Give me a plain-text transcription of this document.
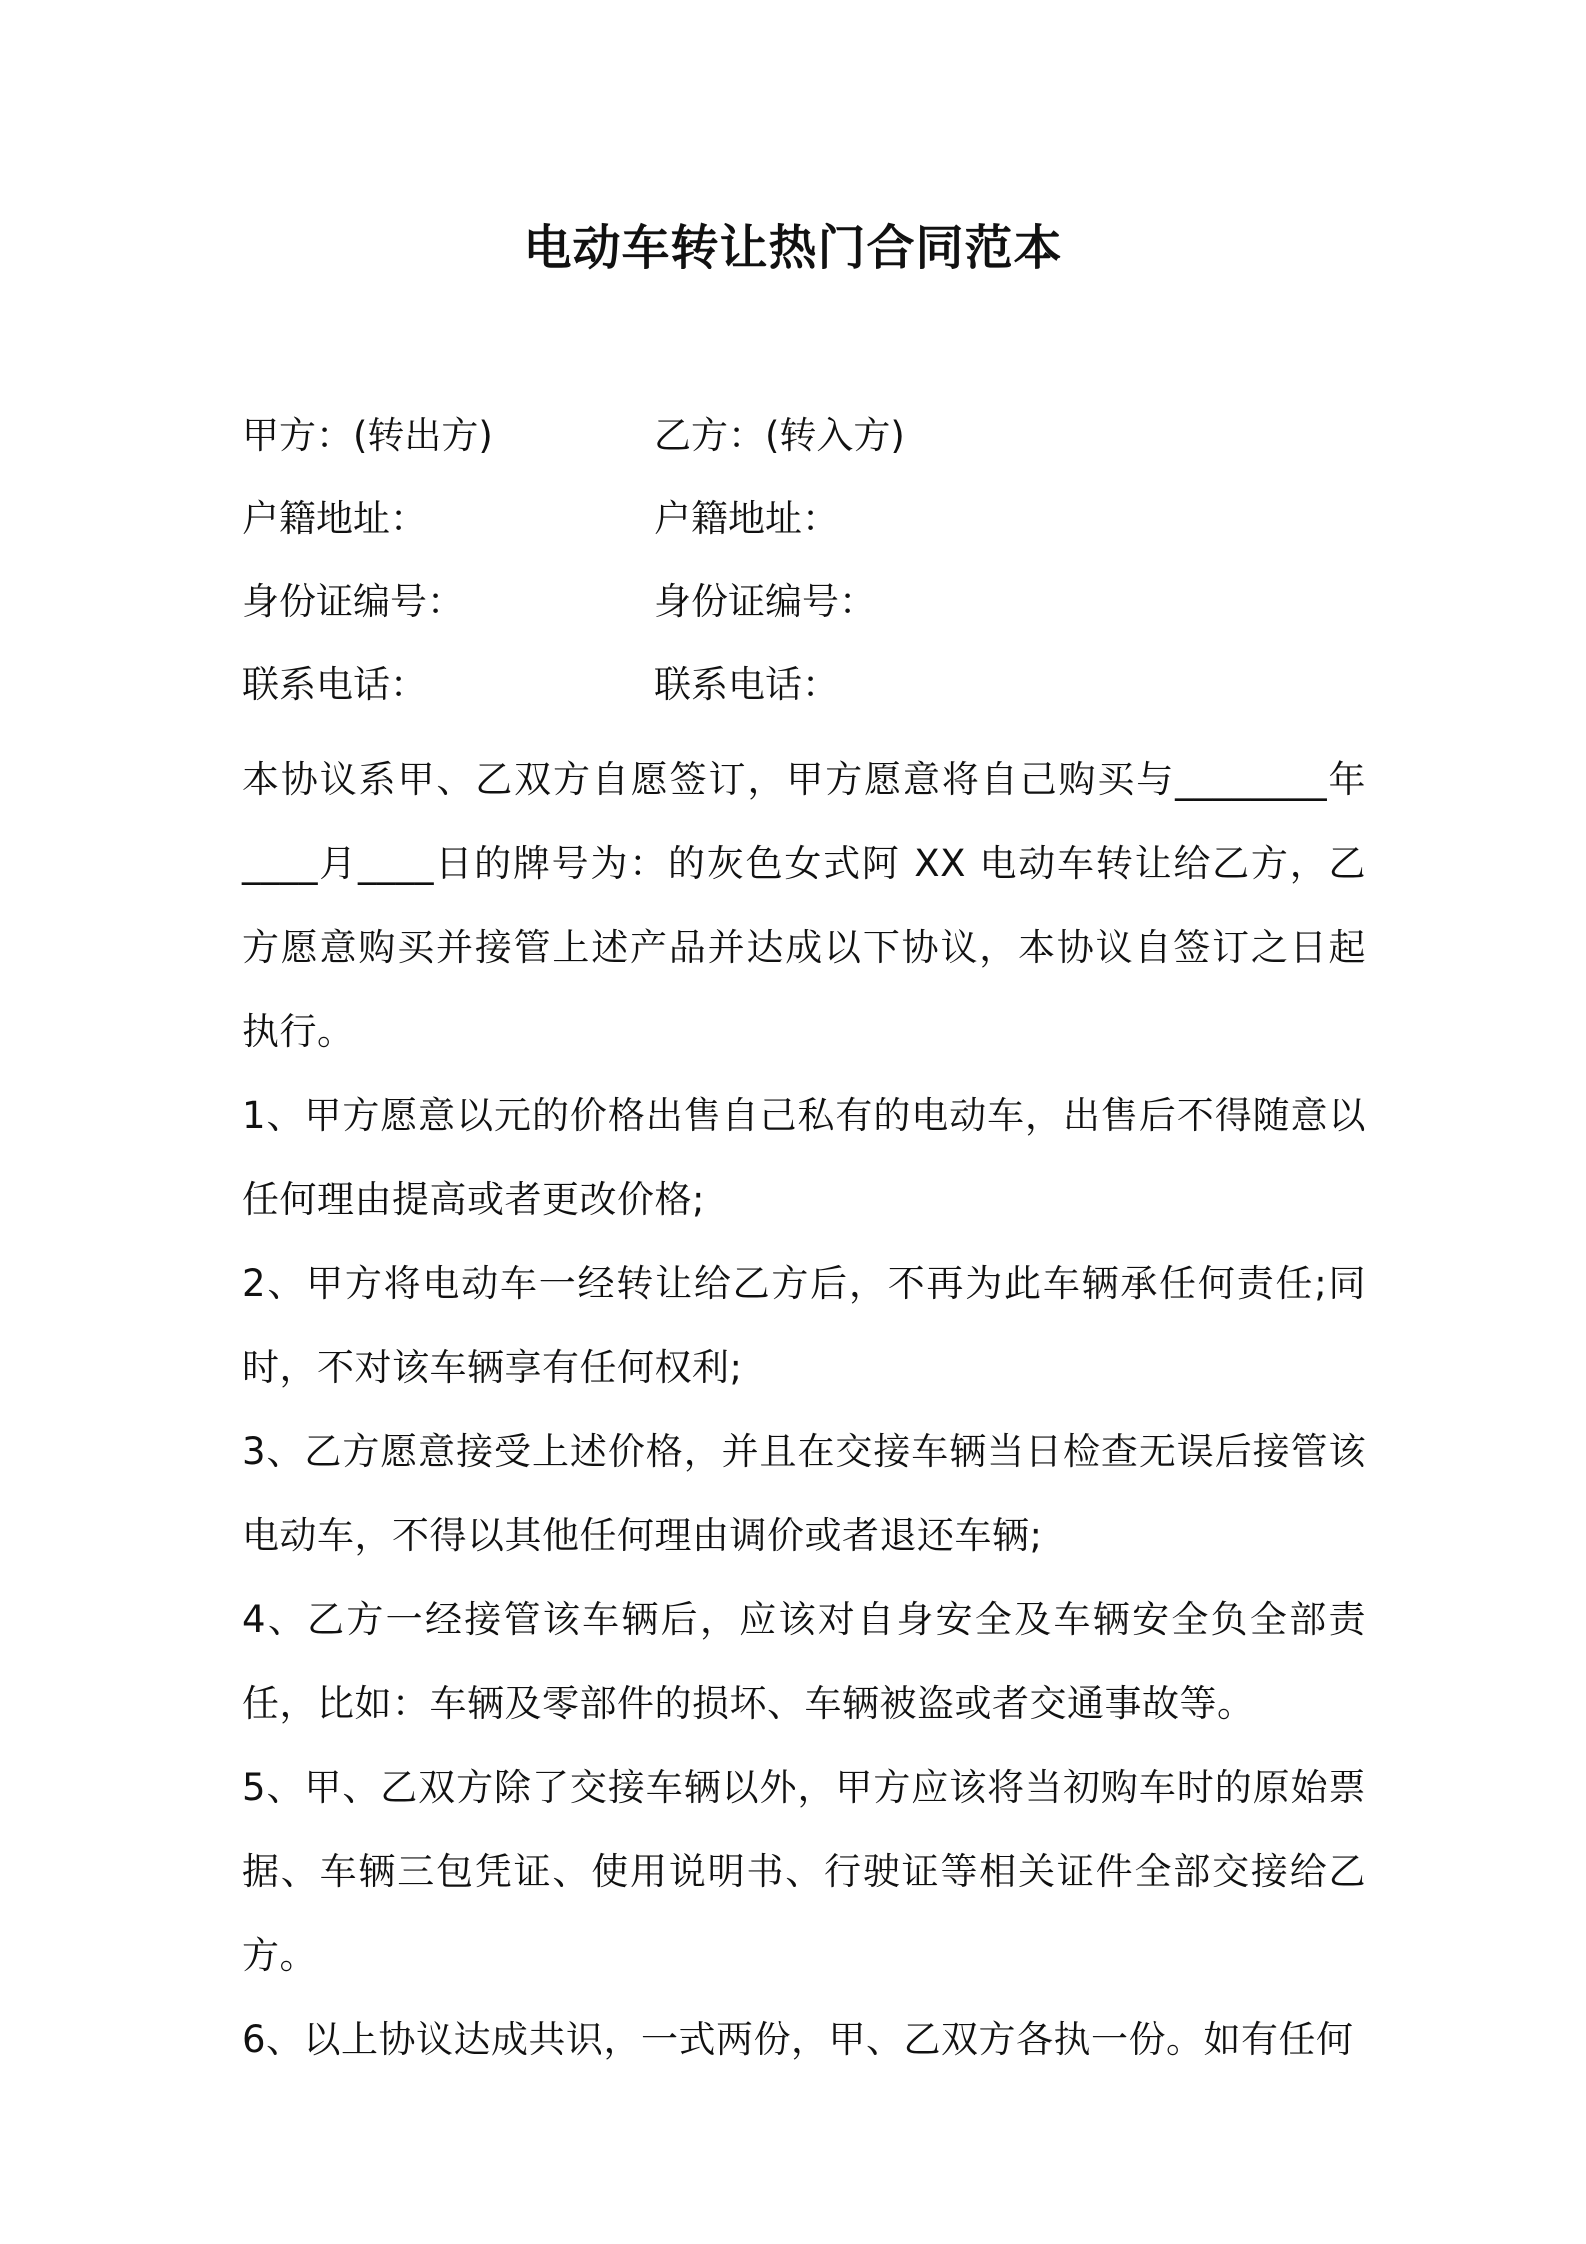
电动车转让热门合同范本
甲方：(转出方)	乙方：(转入方)
户籍地址：	户籍地址：
身份证编号：	身份证编号：
联系电话：	联系电话：

本协议系甲、乙双方自愿签订，甲方愿意将自己购买与________年____月____日的牌号为：的灰色女式阿 XX 电动车转让给乙方，乙方愿意购买并接管上述产品并达成以下协议，本协议自签订之日起执行。

1、甲方愿意以元的价格出售自己私有的电动车，出售后不得随意以任何理由提高或者更改价格;

2、甲方将电动车一经转让给乙方后，不再为此车辆承任何责任;同时，不对该车辆享有任何权利;

3、乙方愿意接受上述价格，并且在交接车辆当日检查无误后接管该电动车，不得以其他任何理由调价或者退还车辆;

4、乙方一经接管该车辆后，应该对自身安全及车辆安全负全部责任，比如：车辆及零部件的损坏、车辆被盗或者交通事故等。

5、甲、乙双方除了交接车辆以外，甲方应该将当初购车时的原始票据、车辆三包凭证、使用说明书、行驶证等相关证件全部交接给乙方。

6、以上协议达成共识，一式两份，甲、乙双方各执一份。如有任何
